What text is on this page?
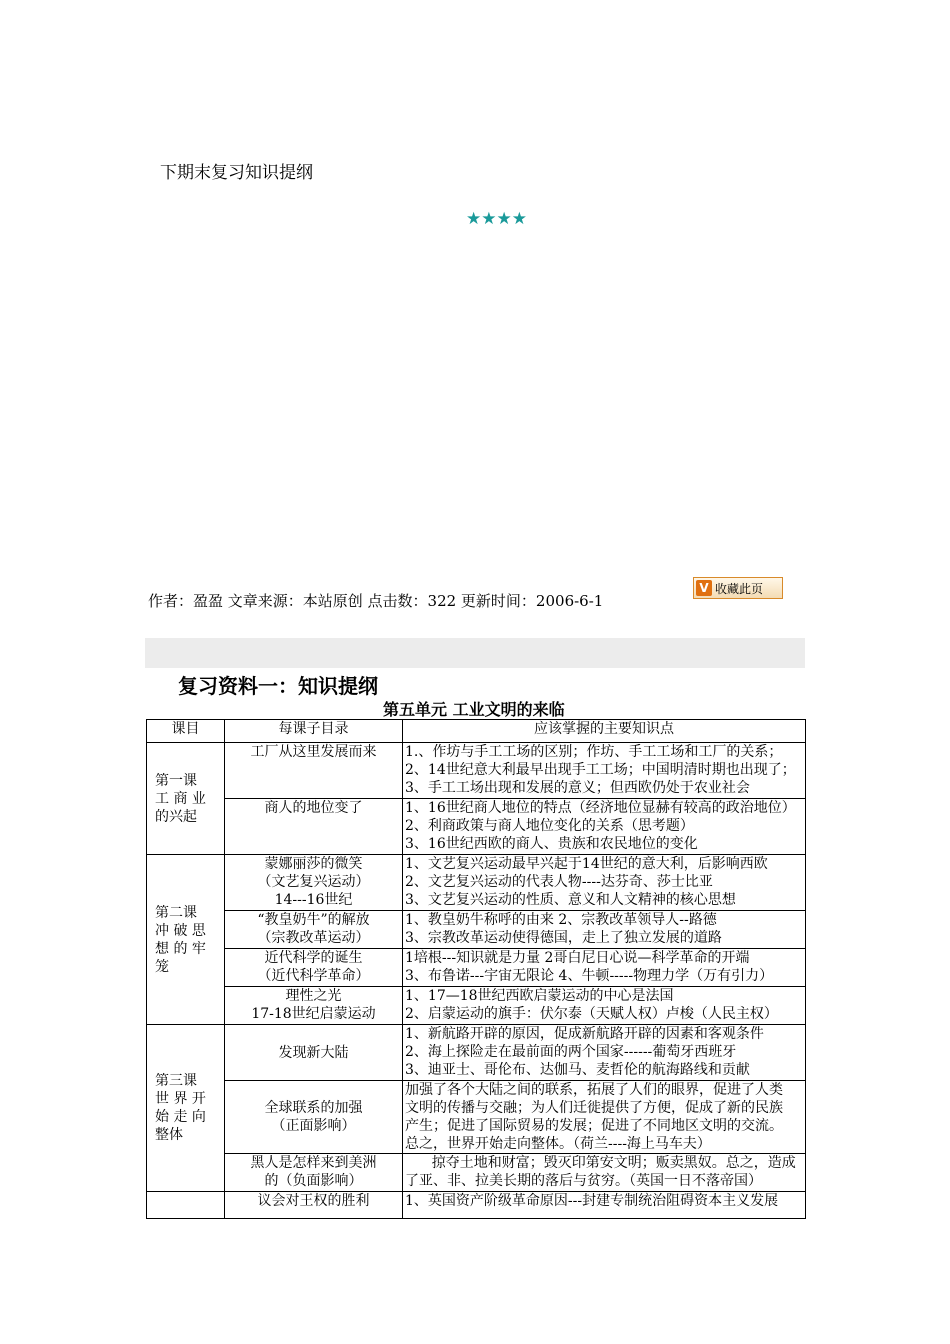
下期末复习知识提纲
★★★★
作者：盈盈 文章来源：本站原创 点击数：322 更新时间：2006-6-1
V 收藏此页
复习资料一：知识提纲
第五单元 工业文明的来临
课目	每课子目录	应该掌握的主要知识点

第一课
工 商 业
的兴起	工厂从这里发展而来	1.、作坊与手工工场的区别；作坊、手工工场和工厂的关系；
2、14世纪意大利最早出现手工工场；中国明清时期也出现了；
3、手工工场出现和发展的意义；但西欧仍处于农业社会

	商人的地位变了	1、16世纪商人地位的特点（经济地位显赫有较高的政治地位）
2、利商政策与商人地位变化的关系（思考题）
3、16世纪西欧的商人、贵族和农民地位的变化

第二课
冲 破 思
想 的 牢
笼	蒙娜丽莎的微笑
（文艺复兴运动）
14---16世纪	1、文艺复兴运动最早兴起于14世纪的意大利，后影响西欧
2、文艺复兴运动的代表人物----达芬奇、莎士比亚
3、文艺复兴运动的性质、意义和人文精神的核心思想

	“教皇奶牛”的解放
（宗教改革运动）	1、教皇奶牛称呼的由来 2、宗教改革领导人--路德
3、宗教改革运动使得德国，走上了独立发展的道路

	近代科学的诞生
（近代科学革命）	1培根---知识就是力量 2哥白尼日心说—科学革命的开端
3、布鲁诺---宇宙无限论 4、牛顿-----物理力学（万有引力）

	理性之光
17-18世纪启蒙运动	1、17—18世纪西欧启蒙运动的中心是法国
2、启蒙运动的旗手：伏尔泰（天赋人权）卢梭（人民主权）

第三课
世 界 开
始 走 向
整体	发现新大陆	1、新航路开辟的原因，促成新航路开辟的因素和客观条件
2、海上探险走在最前面的两个国家------葡萄牙西班牙
3、迪亚士、哥伦布、达伽马、麦哲伦的航海路线和贡献

	全球联系的加强
（正面影响）	加强了各个大陆之间的联系，拓展了人们的眼界，促进了人类
文明的传播与交融；为人们迁徙提供了方便，促成了新的民族
产生；促进了国际贸易的发展；促进了不同地区文明的交流。
总之，世界开始走向整体。（荷兰----海上马车夫）

	黑人是怎样来到美洲
的（负面影响）	掠夺土地和财富；毁灭印第安文明；贩卖黑奴。总之，造成
了亚、非、拉美长期的落后与贫穷。（英国一日不落帝国）

	议会对王权的胜利	1、英国资产阶级革命原因---封建专制统治阻碍资本主义发展
